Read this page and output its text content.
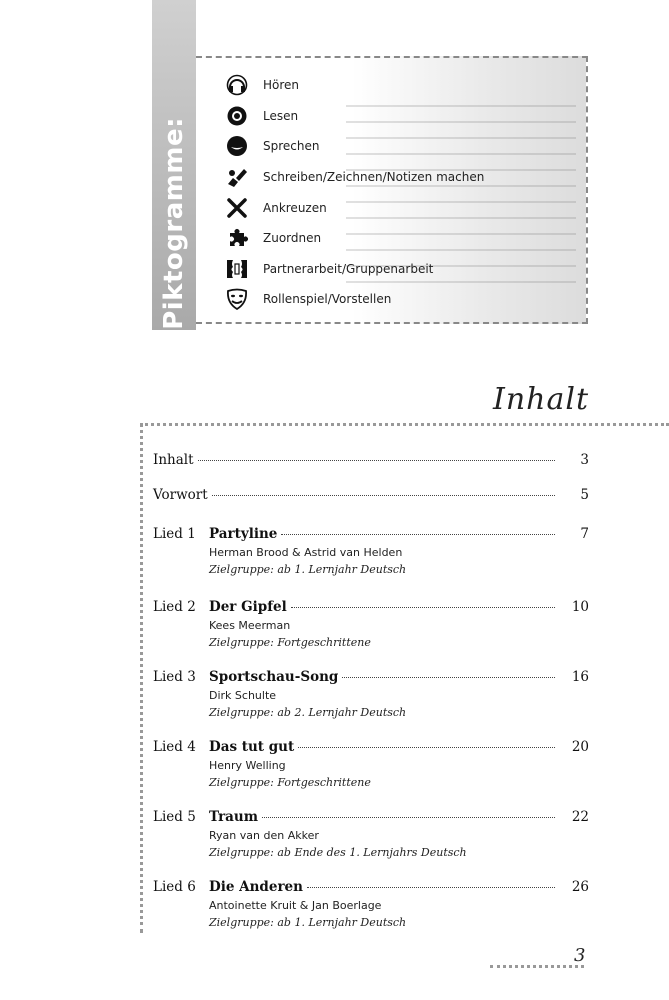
Piktogramme:

Hören
Lesen
Sprechen
Schreiben/Zeichnen/Notizen machen
Ankreuzen
Zuordnen
Partnerarbeit/Gruppenarbeit
Rollenspiel/Vorstellen
Inhalt
Inhalt	3
Vorwort	5
Lied 1 Partyline	7
Herman Brood & Astrid van Helden
Zielgruppe: ab 1. Lernjahr Deutsch
Lied 2 Der Gipfel	10
Kees Meerman
Zielgruppe: Fortgeschrittene
Lied 3 Sportschau-Song	16
Dirk Schulte
Zielgruppe: ab 2. Lernjahr Deutsch
Lied 4 Das tut gut	20
Henry Welling
Zielgruppe: Fortgeschrittene
Lied 5 Traum	22
Ryan van den Akker
Zielgruppe: ab Ende des 1. Lernjahrs Deutsch
Lied 6 Die Anderen	26
Antoinette Kruit & Jan Boerlage
Zielgruppe: ab 1. Lernjahr Deutsch
3
